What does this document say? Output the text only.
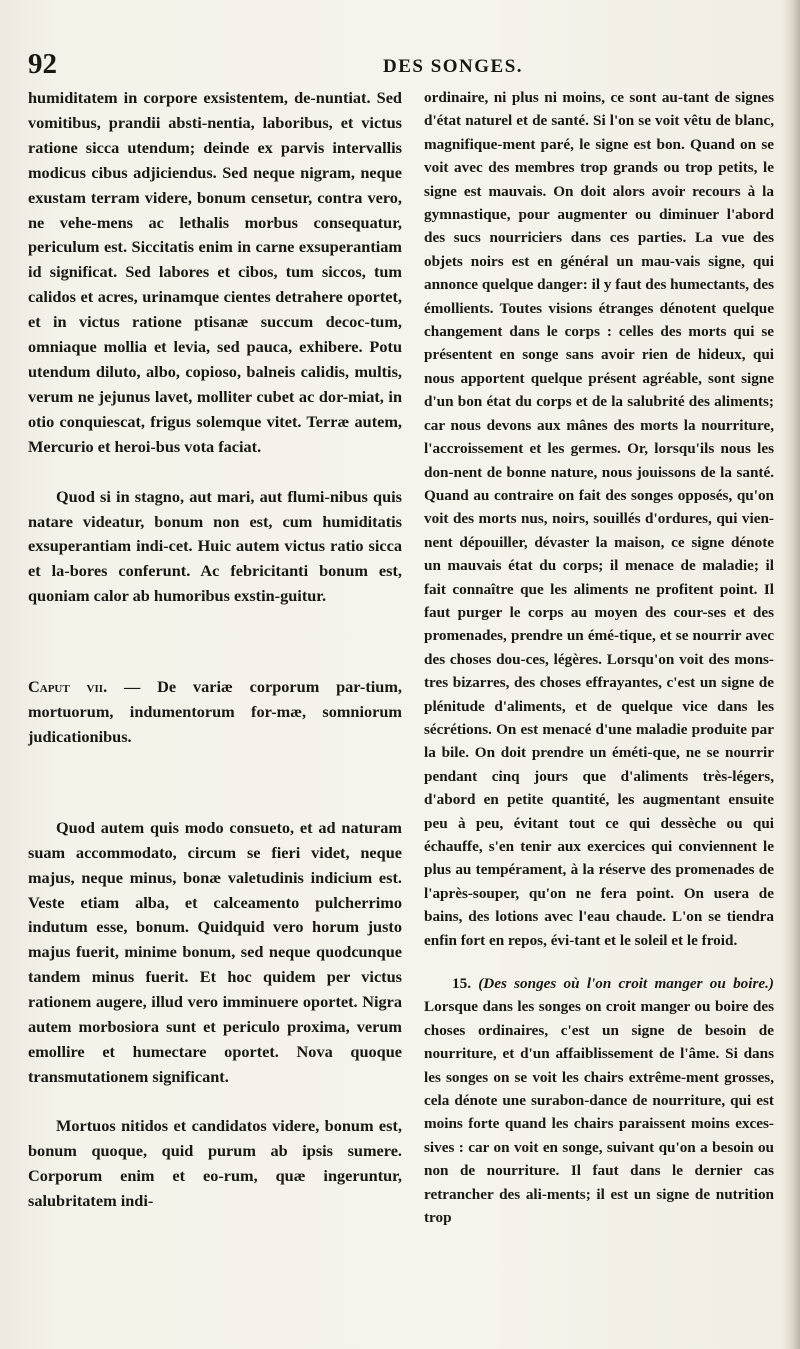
92	DES SONGES.

humiditatem in corpore exsistentem, de-nuntiat. Sed vomitibus, prandii absti-nentia, laboribus, et victus ratione sicca utendum; deinde ex parvis intervallis modicus cibus adjiciendus. Sed neque nigram, neque exustam terram videre, bonum censetur, contra vero, ne vehe-mens ac lethalis morbus consequatur, periculum est. Siccitatis enim in carne exsuperantiam id significat. Sed labores et cibos, tum siccos, tum calidos et acres, urinamque cientes detrahere oportet, et in victus ratione ptisanæ succum decoc-tum, omniaque mollia et levia, sed pauca, exhibere. Potu utendum diluto, albo, copioso, balneis calidis, multis, verum ne jejunus lavet, molliter cubet ac dor-miat, in otio conquiescat, frigus solemque vitet. Terræ autem, Mercurio et heroi-bus vota faciat.

Quod si in stagno, aut mari, aut flumi-nibus quis natare videatur, bonum non est, cum humiditatis exsuperantiam indi-cet. Huic autem victus ratio sicca et la-bores conferunt. Ac febricitanti bonum est, quoniam calor ab humoribus exstin-guitur.

Caput vii. — De variæ corporum par-tium, mortuorum, indumentorum for-mæ, somniorum judicationibus.

Quod autem quis modo consueto, et ad naturam suam accommodato, circum se fieri videt, neque majus, neque minus, bonæ valetudinis indicium est. Veste etiam alba, et calceamento pulcherrimo indutum esse, bonum. Quidquid vero horum justo majus fuerit, minime bonum, sed neque quodcunque tandem minus fuerit. Et hoc quidem per victus rationem augere, illud vero imminuere oportet. Nigra autem morbosiora sunt et periculo proxima, verum emollire et humectare oportet. Nova quoque transmutationem significant.

Mortuos nitidos et candidatos videre, bonum est, bonum quoque, quid purum ab ipsis sumere. Corporum enim et eo-rum, quæ ingeruntur, salubritatem indi-

ordinaire, ni plus ni moins, ce sont au-tant de signes d'état naturel et de santé. Si l'on se voit vêtu de blanc, magnifique-ment paré, le signe est bon. Quand on se voit avec des membres trop grands ou trop petits, le signe est mauvais. On doit alors avoir recours à la gymnastique, pour augmenter ou diminuer l'abord des sucs nourriciers dans ces parties. La vue des objets noirs est en général un mau-vais signe, qui annonce quelque danger: il y faut des humectants, des émollients. Toutes visions étranges dénotent quelque changement dans le corps : celles des morts qui se présentent en songe sans avoir rien de hideux, qui nous apportent quelque présent agréable, sont signe d'un bon état du corps et de la salubrité des aliments; car nous devons aux mânes des morts la nourriture, l'accroissement et les germes. Or, lorsqu'ils nous les don-nent de bonne nature, nous jouissons de la santé. Quand au contraire on fait des songes opposés, qu'on voit des morts nus, noirs, souillés d'ordures, qui vien-nent dépouiller, dévaster la maison, ce signe dénote un mauvais état du corps; il menace de maladie; il fait connaître que les aliments ne profitent point. Il faut purger le corps au moyen des cour-ses et des promenades, prendre un émé-tique, et se nourrir avec des choses dou-ces, légères. Lorsqu'on voit des mons-tres bizarres, des choses effrayantes, c'est un signe de plénitude d'aliments, et de quelque vice dans les sécrétions. On est menacé d'une maladie produite par la bile. On doit prendre un éméti-que, ne se nourrir pendant cinq jours que d'aliments très-légers, d'abord en petite quantité, les augmentant ensuite peu à peu, évitant tout ce qui dessèche ou qui échauffe, s'en tenir aux exercices qui conviennent le plus au tempérament, à la réserve des promenades de l'après-souper, qu'on ne fera point. On usera de bains, des lotions avec l'eau chaude. L'on se tiendra enfin fort en repos, évi-tant et le soleil et le froid.

15. (Des songes où l'on croit manger ou boire.) Lorsque dans les songes on croit manger ou boire des choses ordinaires, c'est un signe de besoin de nourriture, et d'un affaiblissement de l'âme. Si dans les songes on se voit les chairs extrême-ment grosses, cela dénote une surabon-dance de nourriture, qui est moins forte quand les chairs paraissent moins exces-sives : car on voit en songe, suivant qu'on a besoin ou non de nourriture. Il faut dans le dernier cas retrancher des ali-ments; il est un signe de nutrition trop
